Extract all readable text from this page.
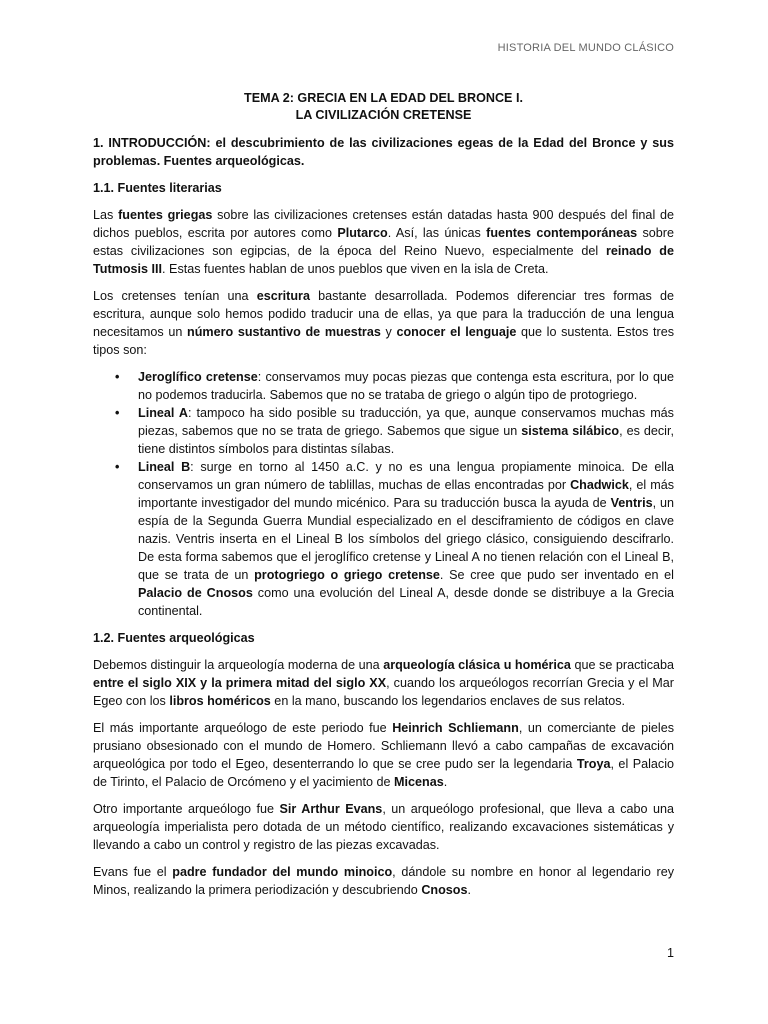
HISTORIA DEL MUNDO CLÁSICO
TEMA 2: GRECIA EN LA EDAD DEL BRONCE I.
LA CIVILIZACIÓN CRETENSE
1. INTRODUCCIÓN: el descubrimiento de las civilizaciones egeas de la Edad del Bronce y sus problemas. Fuentes arqueológicas.
1.1. Fuentes literarias

Las fuentes griegas sobre las civilizaciones cretenses están datadas hasta 900 después del final de dichos pueblos, escrita por autores como Plutarco. Así, las únicas fuentes contemporáneas sobre estas civilizaciones son egipcias, de la época del Reino Nuevo, especialmente del reinado de Tutmosis III. Estas fuentes hablan de unos pueblos que viven en la isla de Creta.

Los cretenses tenían una escritura bastante desarrollada. Podemos diferenciar tres formas de escritura, aunque solo hemos podido traducir una de ellas, ya que para la traducción de una lengua necesitamos un número sustantivo de muestras y conocer el lenguaje que lo sustenta. Estos tres tipos son:

• Jeroglífico cretense: conservamos muy pocas piezas que contenga esta escritura, por lo que no podemos traducirla. Sabemos que no se trataba de griego o algún tipo de protogriego.
• Lineal A: tampoco ha sido posible su traducción, ya que, aunque conservamos muchas más piezas, sabemos que no se trata de griego. Sabemos que sigue un sistema silábico, es decir, tiene distintos símbolos para distintas sílabas.
• Lineal B: surge en torno al 1450 a.C. y no es una lengua propiamente minoica. De ella conservamos un gran número de tablillas, muchas de ellas encontradas por Chadwick, el más importante investigador del mundo micénico. Para su traducción busca la ayuda de Ventris, un espía de la Segunda Guerra Mundial especializado en el desciframiento de códigos en clave nazis. Ventris inserta en el Lineal B los símbolos del griego clásico, consiguiendo descifrarlo. De esta forma sabemos que el jeroglífico cretense y Lineal A no tienen relación con el Lineal B, que se trata de un protogriego o griego cretense. Se cree que pudo ser inventado en el Palacio de Cnosos como una evolución del Lineal A, desde donde se distribuye a la Grecia continental.
1.2. Fuentes arqueológicas

Debemos distinguir la arqueología moderna de una arqueología clásica u homérica que se practicaba entre el siglo XIX y la primera mitad del siglo XX, cuando los arqueólogos recorrían Grecia y el Mar Egeo con los libros homéricos en la mano, buscando los legendarios enclaves de sus relatos.

El más importante arqueólogo de este periodo fue Heinrich Schliemann, un comerciante de pieles prusiano obsesionado con el mundo de Homero. Schliemann llevó a cabo campañas de excavación arqueológica por todo el Egeo, desenterrando lo que se cree pudo ser la legendaria Troya, el Palacio de Tirinto, el Palacio de Orcómeno y el yacimiento de Micenas.

Otro importante arqueólogo fue Sir Arthur Evans, un arqueólogo profesional, que lleva a cabo una arqueología imperialista pero dotada de un método científico, realizando excavaciones sistemáticas y llevando a cabo un control y registro de las piezas excavadas.

Evans fue el padre fundador del mundo minoico, dándole su nombre en honor al legendario rey Minos, realizando la primera periodización y descubriendo Cnosos.

1
